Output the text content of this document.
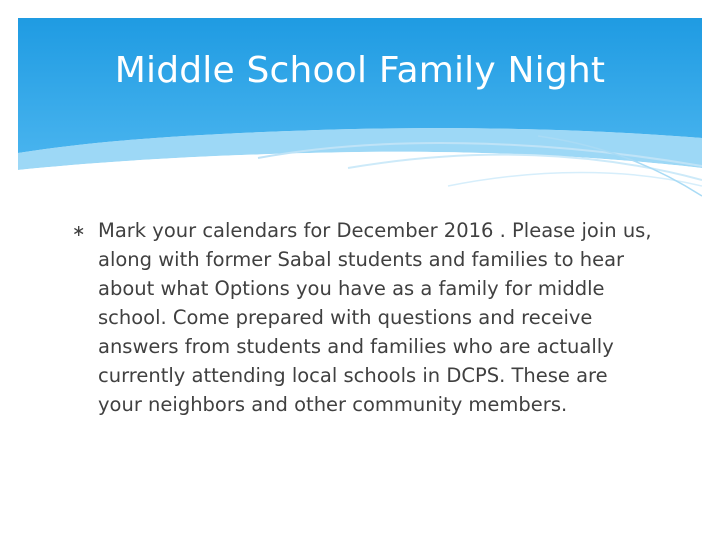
Middle School Family Night

∗ Mark your calendars for December 2016 . Please join us, along with former Sabal students and families to hear about what Options you have as a family for middle school. Come prepared with questions and receive answers from students and families who are actually currently attending local schools in DCPS. These are your neighbors and other community members.
